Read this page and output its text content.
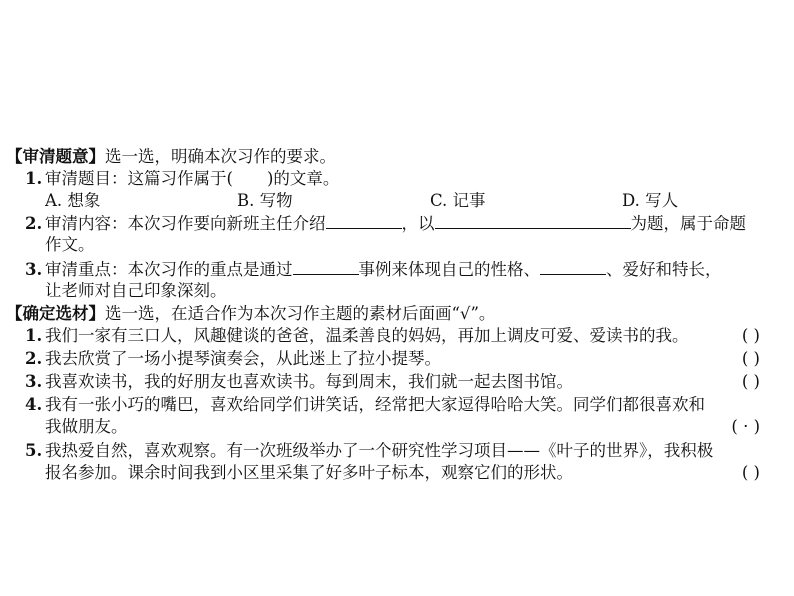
【审清题意】选一选，明确本次习作的要求。
1. 审清题目：这篇习作属于( )的文章。
A. 想象	B. 写物	C. 记事	D. 写人
2. 审清内容：本次习作要向新班主任介绍	，以	为题，属于命题
作文。
3. 审清重点：本次习作的重点是通过	事例来体现自己的性格、	、爱好和特长，
让老师对自己印象深刻。
【确定选材】选一选，在适合作为本次习作主题的素材后面画“√”。
1. 我们一家有三口人，风趣健谈的爸爸，温柔善良的妈妈，再加上调皮可爱、爱读书的我。	( )
2. 我去欣赏了一场小提琴演奏会，从此迷上了拉小提琴。	( )
3. 我喜欢读书，我的好朋友也喜欢读书。每到周末，我们就一起去图书馆。	( )
4. 我有一张小巧的嘴巴，喜欢给同学们讲笑话，经常把大家逗得哈哈大笑。同学们都很喜欢和
我做朋友。	( · )
5. 我热爱自然，喜欢观察。有一次班级举办了一个研究性学习项目——《叶子的世界》，我积极
报名参加。课余时间我到小区里采集了好多叶子标本，观察它们的形状。	( )
